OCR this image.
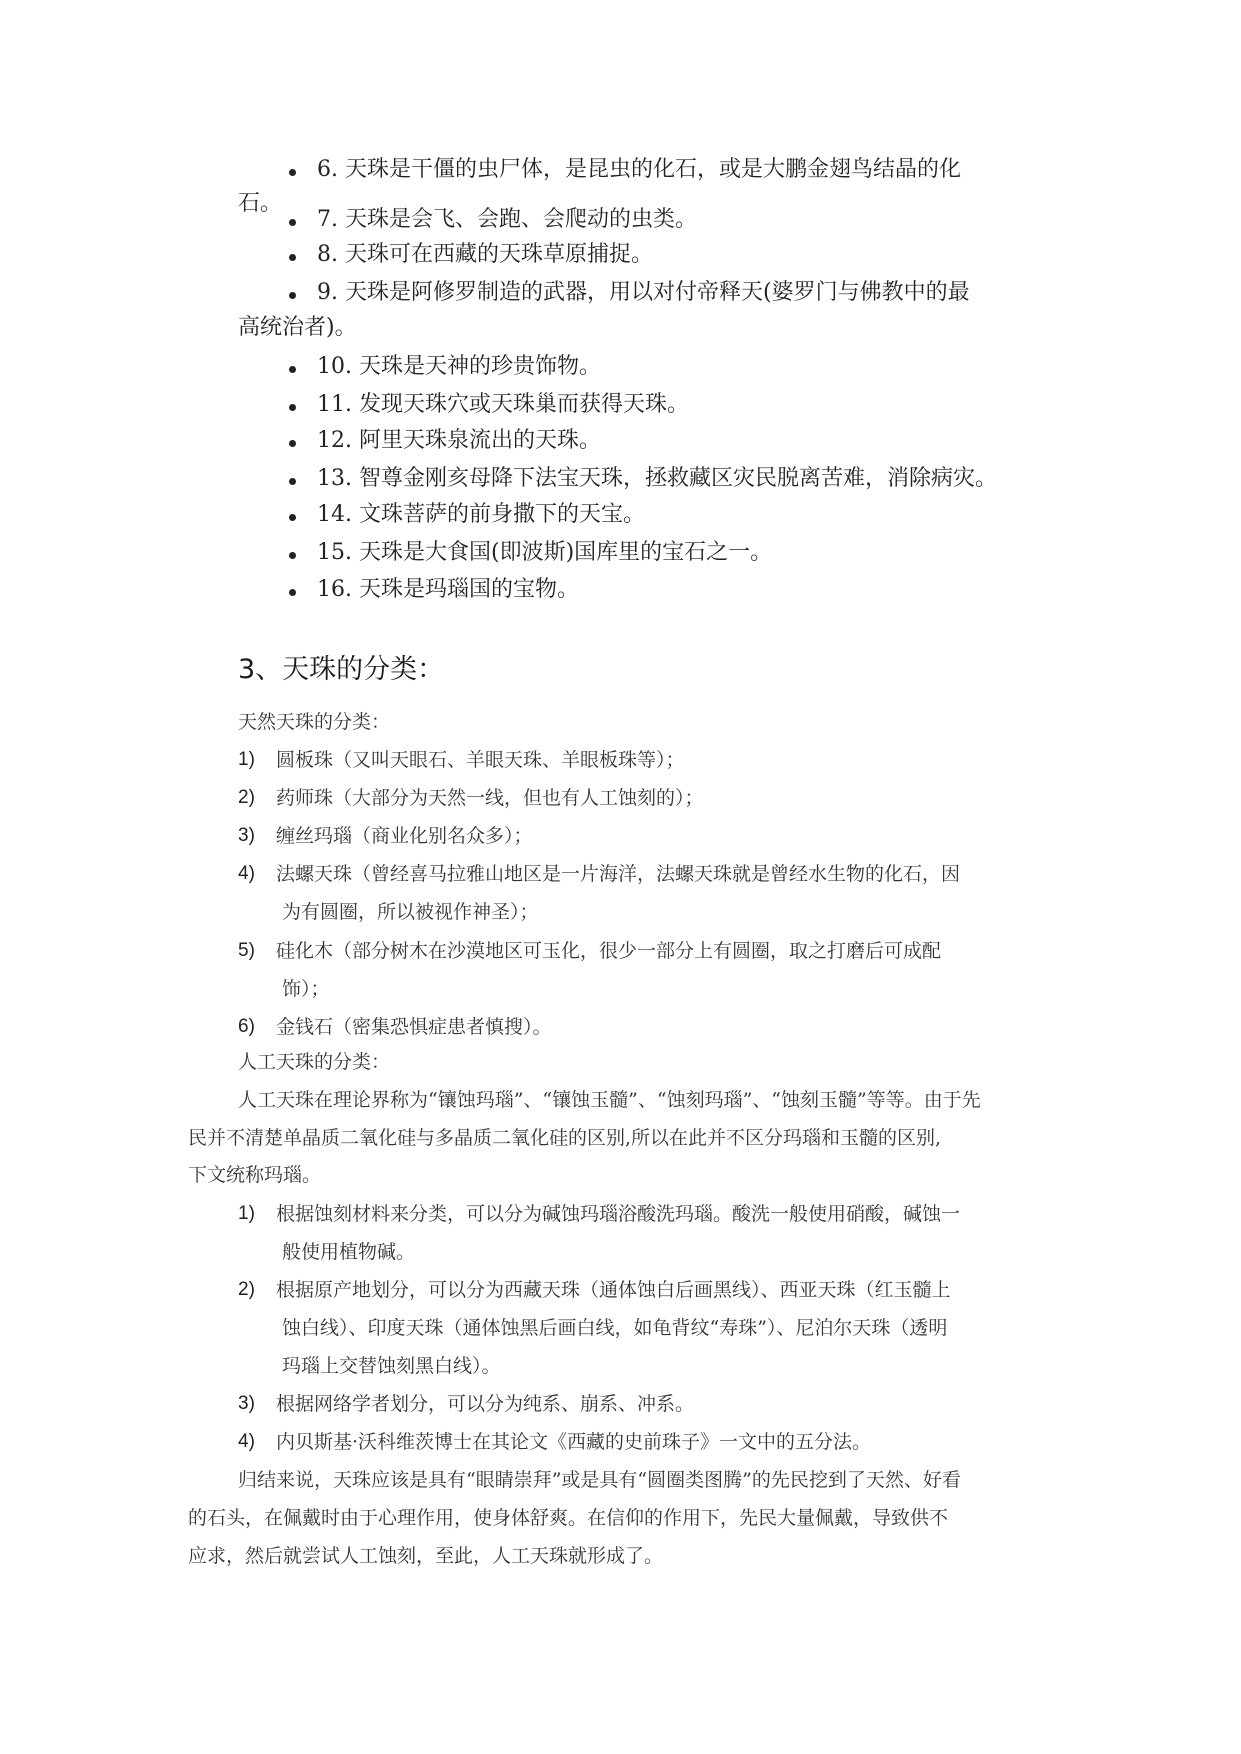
6. 天珠是干僵的虫尸体，是昆虫的化石，或是大鹏金翅鸟结晶的化
石。
7. 天珠是会飞、会跑、会爬动的虫类。
8. 天珠可在西藏的天珠草原捕捉。
9. 天珠是阿修罗制造的武器，用以对付帝释天(婆罗门与佛教中的最
高统治者)。
10. 天珠是天神的珍贵饰物。
11. 发现天珠穴或天珠巢而获得天珠。
12. 阿里天珠泉流出的天珠。
13. 智尊金刚亥母降下法宝天珠，拯救藏区灾民脱离苦难，消除病灾。
14. 文珠菩萨的前身撒下的天宝。
15. 天珠是大食国(即波斯)国库里的宝石之一。
16. 天珠是玛瑙国的宝物。
3、天珠的分类：
天然天珠的分类：
1) 圆板珠（又叫天眼石、羊眼天珠、羊眼板珠等）；
2) 药师珠（大部分为天然一线，但也有人工蚀刻的）；
3) 缠丝玛瑙（商业化别名众多）；
4) 法螺天珠（曾经喜马拉雅山地区是一片海洋，法螺天珠就是曾经水生物的化石，因
为有圆圈，所以被视作神圣）；
5) 硅化木（部分树木在沙漠地区可玉化，很少一部分上有圆圈，取之打磨后可成配
饰）；
6) 金钱石（密集恐惧症患者慎搜）。
人工天珠的分类：
人工天珠在理论界称为“镶蚀玛瑙”、“镶蚀玉髓”、“蚀刻玛瑙”、“蚀刻玉髓”等等。由于先
民并不清楚单晶质二氧化硅与多晶质二氧化硅的区别,所以在此并不区分玛瑙和玉髓的区别,
下文统称玛瑙。
1) 根据蚀刻材料来分类，可以分为碱蚀玛瑙浴酸洗玛瑙。酸洗一般使用硝酸，碱蚀一
般使用植物碱。
2) 根据原产地划分，可以分为西藏天珠（通体蚀白后画黑线）、西亚天珠（红玉髓上
蚀白线）、印度天珠（通体蚀黑后画白线，如龟背纹“寿珠”）、尼泊尔天珠（透明
玛瑙上交替蚀刻黑白线）。
3) 根据网络学者划分，可以分为纯系、崩系、冲系。
4) 内贝斯基·沃科维茨博士在其论文《西藏的史前珠子》一文中的五分法。
归结来说，天珠应该是具有“眼睛崇拜”或是具有“圆圈类图腾”的先民挖到了天然、好看
的石头，在佩戴时由于心理作用，使身体舒爽。在信仰的作用下，先民大量佩戴，导致供不
应求，然后就尝试人工蚀刻，至此，人工天珠就形成了。
